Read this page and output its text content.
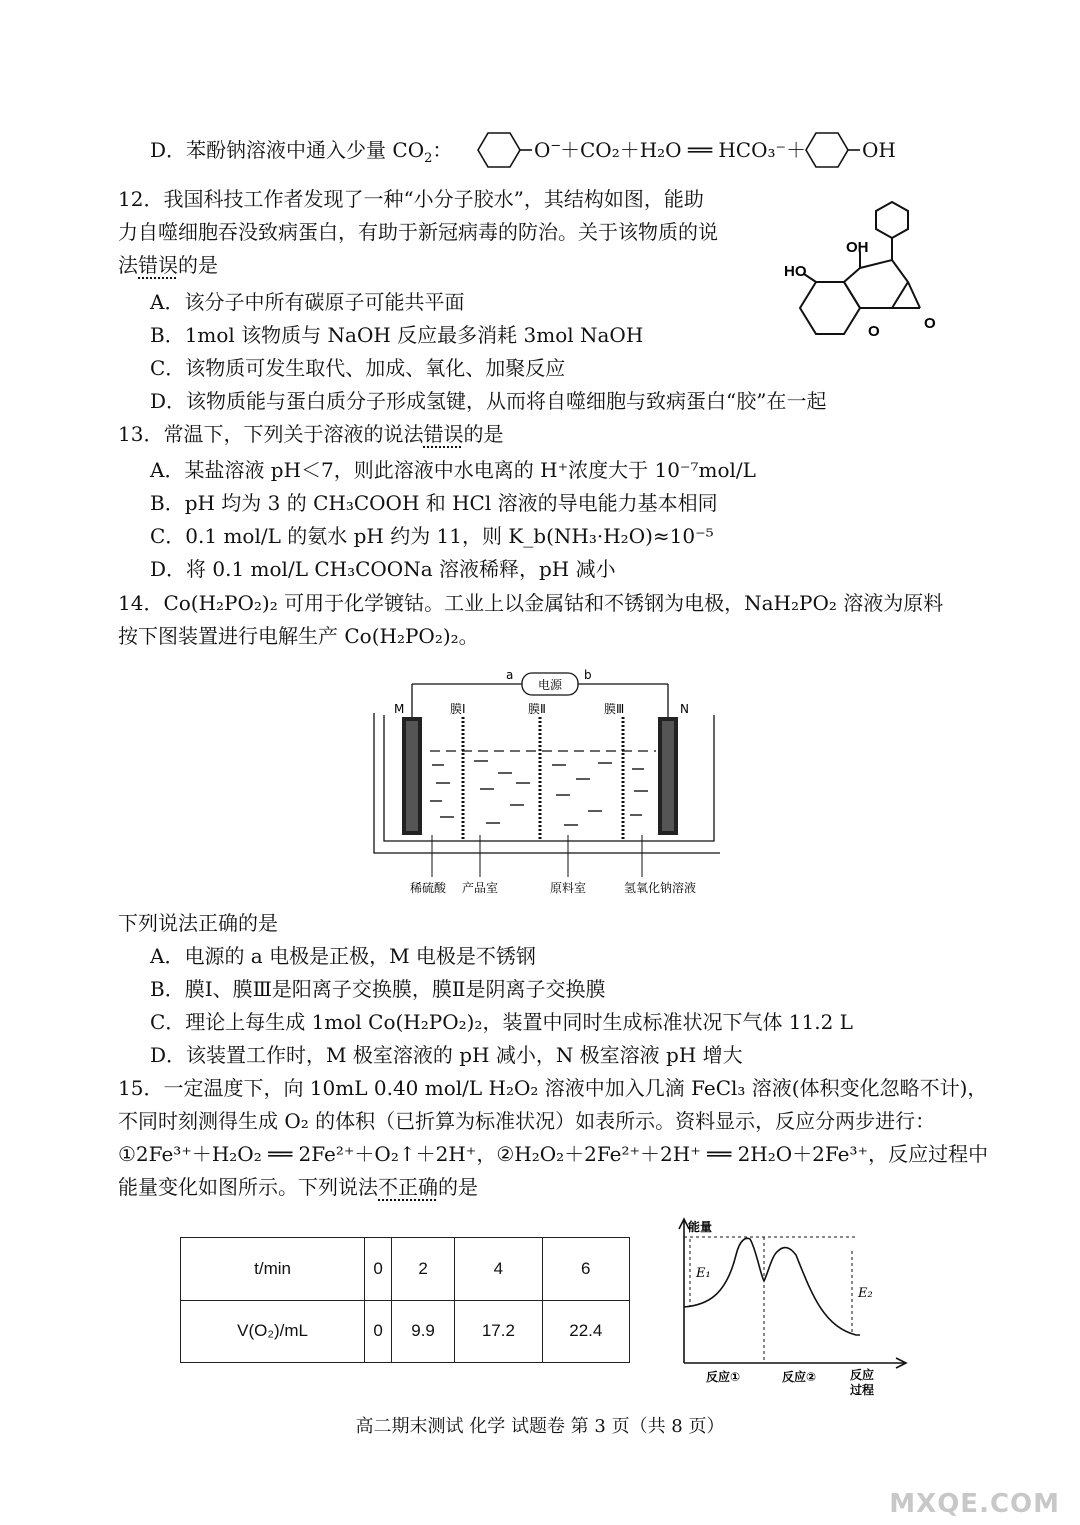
D．苯酚钠溶液中通入少量 $CO_2$：	O−
＋CO₂＋H₂O ══ HCO₃⁻＋	OH
12．我国科技工作者发现了一种“小分子胶水”，其结构如图，能助
力自噬细胞吞没致病蛋白，有助于新冠病毒的防治。关于该物质的说
法错误的是
A．该分子中所有碳原子可能共平面
B．1mol 该物质与 NaOH 反应最多消耗 3mol NaOH
C．该物质可发生取代、加成、氧化、加聚反应
D．该物质能与蛋白质分子形成氢键，从而将自噬细胞与致病蛋白“胶”在一起
OH
HO
O	O
13．常温下，下列关于溶液的说法错误的是
A．某盐溶液 pH＜7，则此溶液中水电离的 H⁺浓度大于 10⁻⁷mol/L
B．pH 均为 3 的 CH₃COOH 和 HCl 溶液的导电能力基本相同
C．0.1 mol/L 的氨水 pH 约为 11，则 K_b(NH₃·H₂O)≈10⁻⁵
D．将 0.1 mol/L CH₃COONa 溶液稀释，pH 减小
14．Co(H₂PO₂)₂ 可用于化学镀钴。工业上以金属钴和不锈钢为电极，NaH₂PO₂ 溶液为原料
按下图装置进行电解生产 Co(H₂PO₂)₂。
电源
a	b
M	N
膜Ⅰ	膜Ⅱ	膜Ⅲ
稀硫酸 产品室	原料室	氢氧化钠溶液
下列说法正确的是
A．电源的 a 电极是正极，M 电极是不锈钢
B．膜Ⅰ、膜Ⅲ是阳离子交换膜，膜Ⅱ是阴离子交换膜
C．理论上每生成 1mol Co(H₂PO₂)₂，装置中同时生成标准状况下气体 11.2 L
D．该装置工作时，M 极室溶液的 pH 减小，N 极室溶液 pH 增大
15．一定温度下，向 10mL 0.40 mol/L H₂O₂ 溶液中加入几滴 FeCl₃ 溶液(体积变化忽略不计)，
不同时刻测得生成 O₂ 的体积（已折算为标准状况）如表所示。资料显示，反应分两步进行：
①2Fe³⁺＋H₂O₂ ══ 2Fe²⁺＋O₂↑＋2H⁺，②H₂O₂＋2Fe²⁺＋2H⁺ ══ 2H₂O＋2Fe³⁺，反应过程中
能量变化如图所示。下列说法不正确的是
t/min	0	2	4	6
V(O₂)/mL	0	9.9	17.2	22.4
能量
E₁
E₂
反应①	反应②	反应
过程
高二期末测试 化学 试题卷 第 3 页（共 8 页）
MXQE.COM
